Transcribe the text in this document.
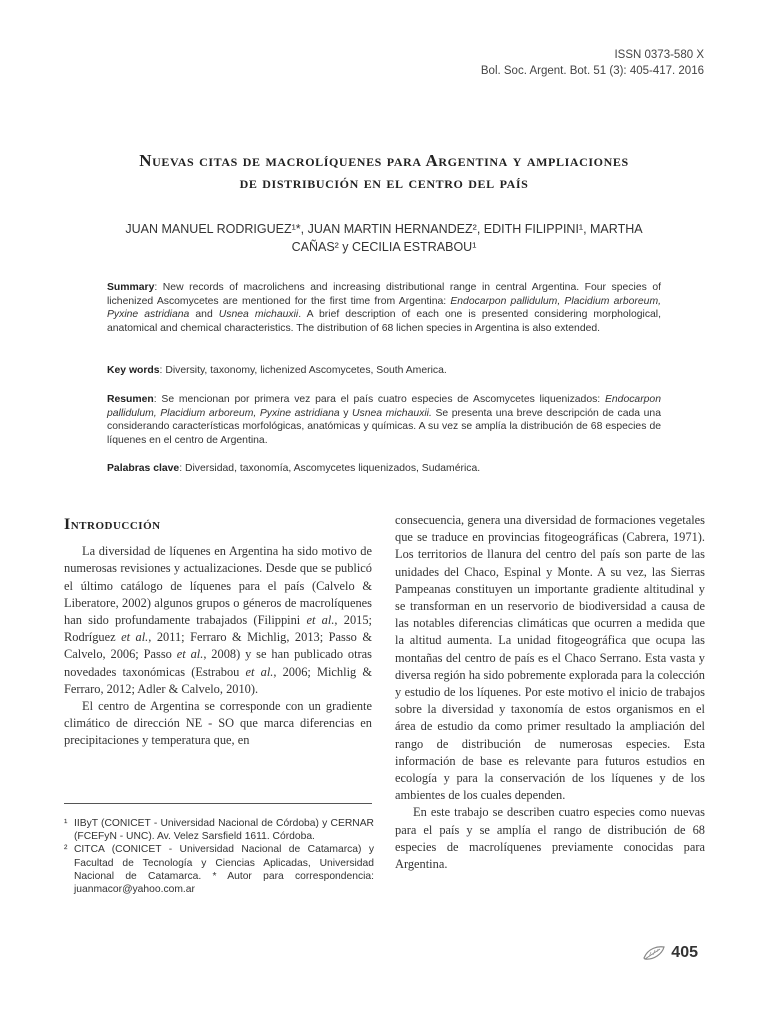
ISSN 0373-580 X
Bol. Soc. Argent. Bot. 51 (3): 405-417. 2016
Nuevas citas de macrolíquenes para Argentina y ampliaciones
de distribución en el centro del país
JUAN MANUEL RODRIGUEZ¹*, JUAN MARTIN HERNANDEZ², EDITH FILIPPINI¹, MARTHA
CAÑAS² y CECILIA ESTRABOU¹
Summary: New records of macrolichens and increasing distributional range in central Argentina. Four species of lichenized Ascomycetes are mentioned for the first time from Argentina: Endocarpon pallidulum, Placidium arboreum, Pyxine astridiana and Usnea michauxii. A brief description of each one is presented considering morphological, anatomical and chemical characteristics. The distribution of 68 lichen species in Argentina is also extended.
Key words: Diversity, taxonomy, lichenized Ascomycetes, South America.
Resumen: Se mencionan por primera vez para el país cuatro especies de Ascomycetes liquenizados: Endocarpon pallidulum, Placidium arboreum, Pyxine astridiana y Usnea michauxii. Se presenta una breve descripción de cada una considerando características morfológicas, anatómicas y químicas. A su vez se amplía la distribución de 68 especies de líquenes en el centro de Argentina.
Palabras clave: Diversidad, taxonomía, Ascomycetes liquenizados, Sudamérica.
Introducción

La diversidad de líquenes en Argentina ha sido motivo de numerosas revisiones y actualizaciones. Desde que se publicó el último catálogo de líquenes para el país (Calvelo & Liberatore, 2002) algunos grupos o géneros de macrolíquenes han sido profundamente trabajados (Filippini et al., 2015; Rodríguez et al., 2011; Ferraro & Michlig, 2013; Passo & Calvelo, 2006; Passo et al., 2008) y se han publicado otras novedades taxonómicas (Estrabou et al., 2006; Michlig & Ferraro, 2012; Adler & Calvelo, 2010).

El centro de Argentina se corresponde con un gradiente climático de dirección NE - SO que marca diferencias en precipitaciones y temperatura que, en

consecuencia, genera una diversidad de formaciones vegetales que se traduce en provincias fitogeográficas (Cabrera, 1971). Los territorios de llanura del centro del país son parte de las unidades del Chaco, Espinal y Monte. A su vez, las Sierras Pampeanas constituyen un importante gradiente altitudinal y se transforman en un reservorio de biodiversidad a causa de las notables diferencias climáticas que ocurren a medida que la altitud aumenta. La unidad fitogeográfica que ocupa las montañas del centro de país es el Chaco Serrano. Esta vasta y diversa región ha sido pobremente explorada para la colección y estudio de los líquenes. Por este motivo el inicio de trabajos sobre la diversidad y taxonomía de estos organismos en el área de estudio da como primer resultado la ampliación del rango de distribución de numerosas especies. Esta información de base es relevante para futuros estudios en ecología y para la conservación de los líquenes y de los ambientes de los cuales dependen.

En este trabajo se describen cuatro especies como nuevas para el país y se amplía el rango de distribución de 68 especies de macrolíquenes previamente conocidas para Argentina.

¹ IIByT (CONICET - Universidad Nacional de Córdoba) y CERNAR (FCEFyN - UNC). Av. Velez Sarsfield 1611. Córdoba.
² CITCA (CONICET - Universidad Nacional de Catamarca) y Facultad de Tecnología y Ciencias Aplicadas, Universidad Nacional de Catamarca. * Autor para correspondencia: juanmacor@yahoo.com.ar
405
